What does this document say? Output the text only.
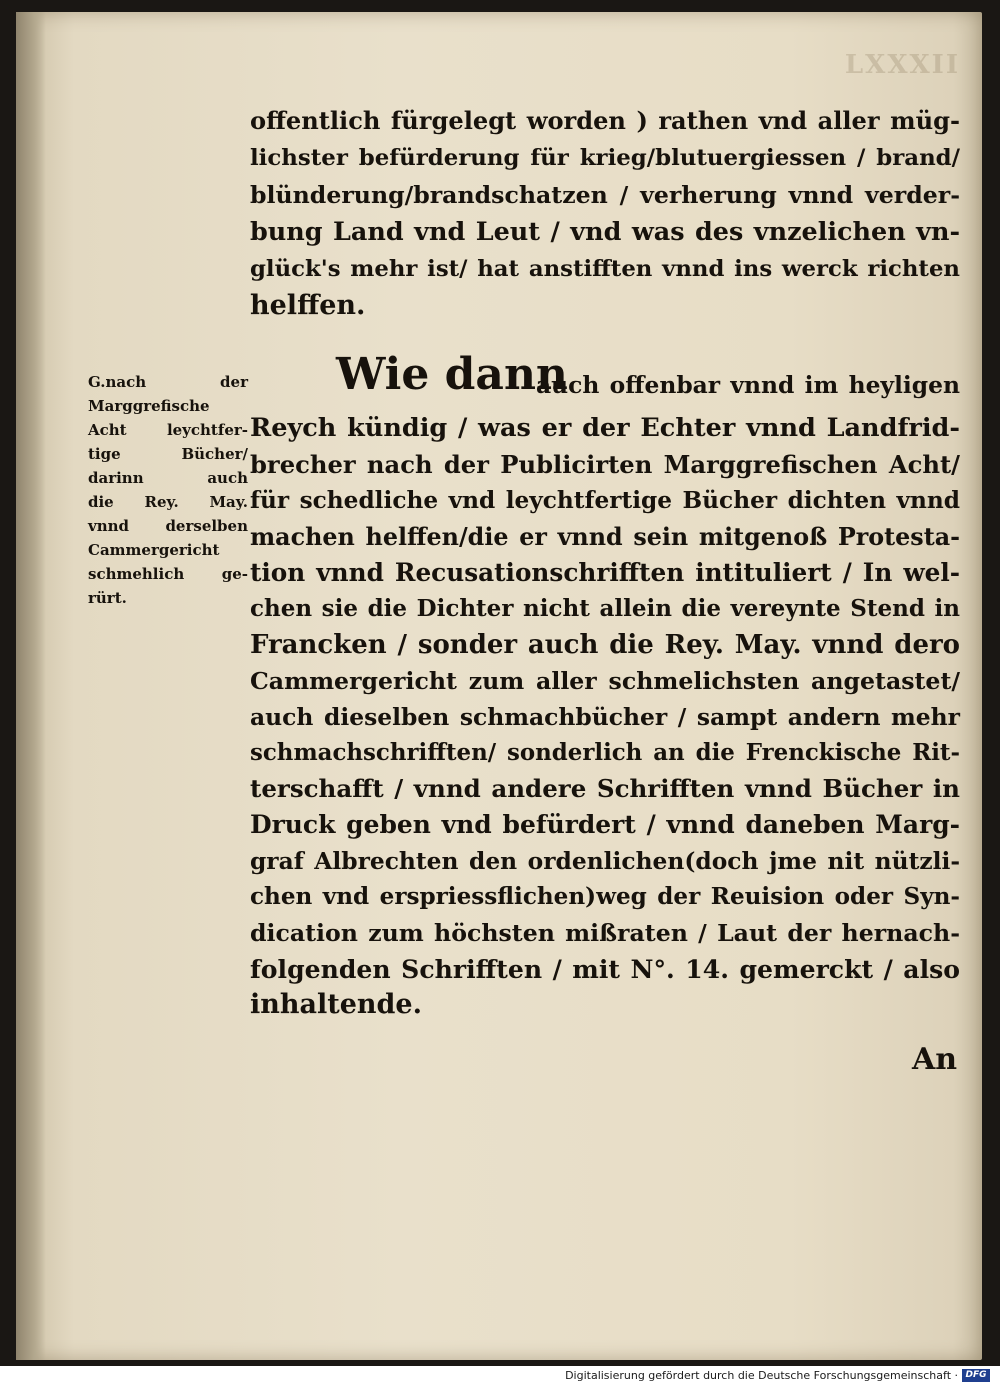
LXXXII
offentlich fürgelegt worden ) rathen vnd aller müg-
lichster befürderung für krieg/blutuergiessen / brand/
blünderung/brandschatzen / verherung vnnd verder-
bung Land vnd Leut / vnd was des vnzelichen vn-
glück's mehr ist/ hat anstifften vnnd ins werck richten
helffen.
Wie dann
auch offenbar vnnd im heyligen
Reych kündig / was er der Echter vnnd Landfrid-
brecher nach der Publicirten Marggrefischen Acht/
für schedliche vnd leychtfertige Bücher dichten vnnd
machen helffen/die er vnnd sein mitgenoß Protesta-
tion vnnd Recusationschrifften intituliert / In wel-
chen sie die Dichter nicht allein die vereynte Stend in
Francken / sonder auch die Rey. May. vnnd dero
Cammergericht zum aller schmelichsten angetastet/
auch dieselben schmachbücher / sampt andern mehr
schmachschrifften/ sonderlich an die Frenckische Rit-
terschafft / vnnd andere Schrifften vnnd Bücher in
Druck geben vnd befürdert / vnnd daneben Marg-
graf Albrechten den ordenlichen(doch jme nit nützli-
chen vnd erspriessflichen)weg der Reuision oder Syn-
dication zum höchsten mißraten / Laut der hernach-
folgenden Schrifften / mit N°. 14. gemerckt / also
inhaltende.
An
G.nach der
Marggrefische
Acht leychtfer-
tige Bücher/
darinn auch
die Rey. May.
vnnd derselben
Cammergericht
schmehlich ge-
rürt.
Digitalisierung gefördert durch die Deutsche Forschungsgemeinschaft · DFG
